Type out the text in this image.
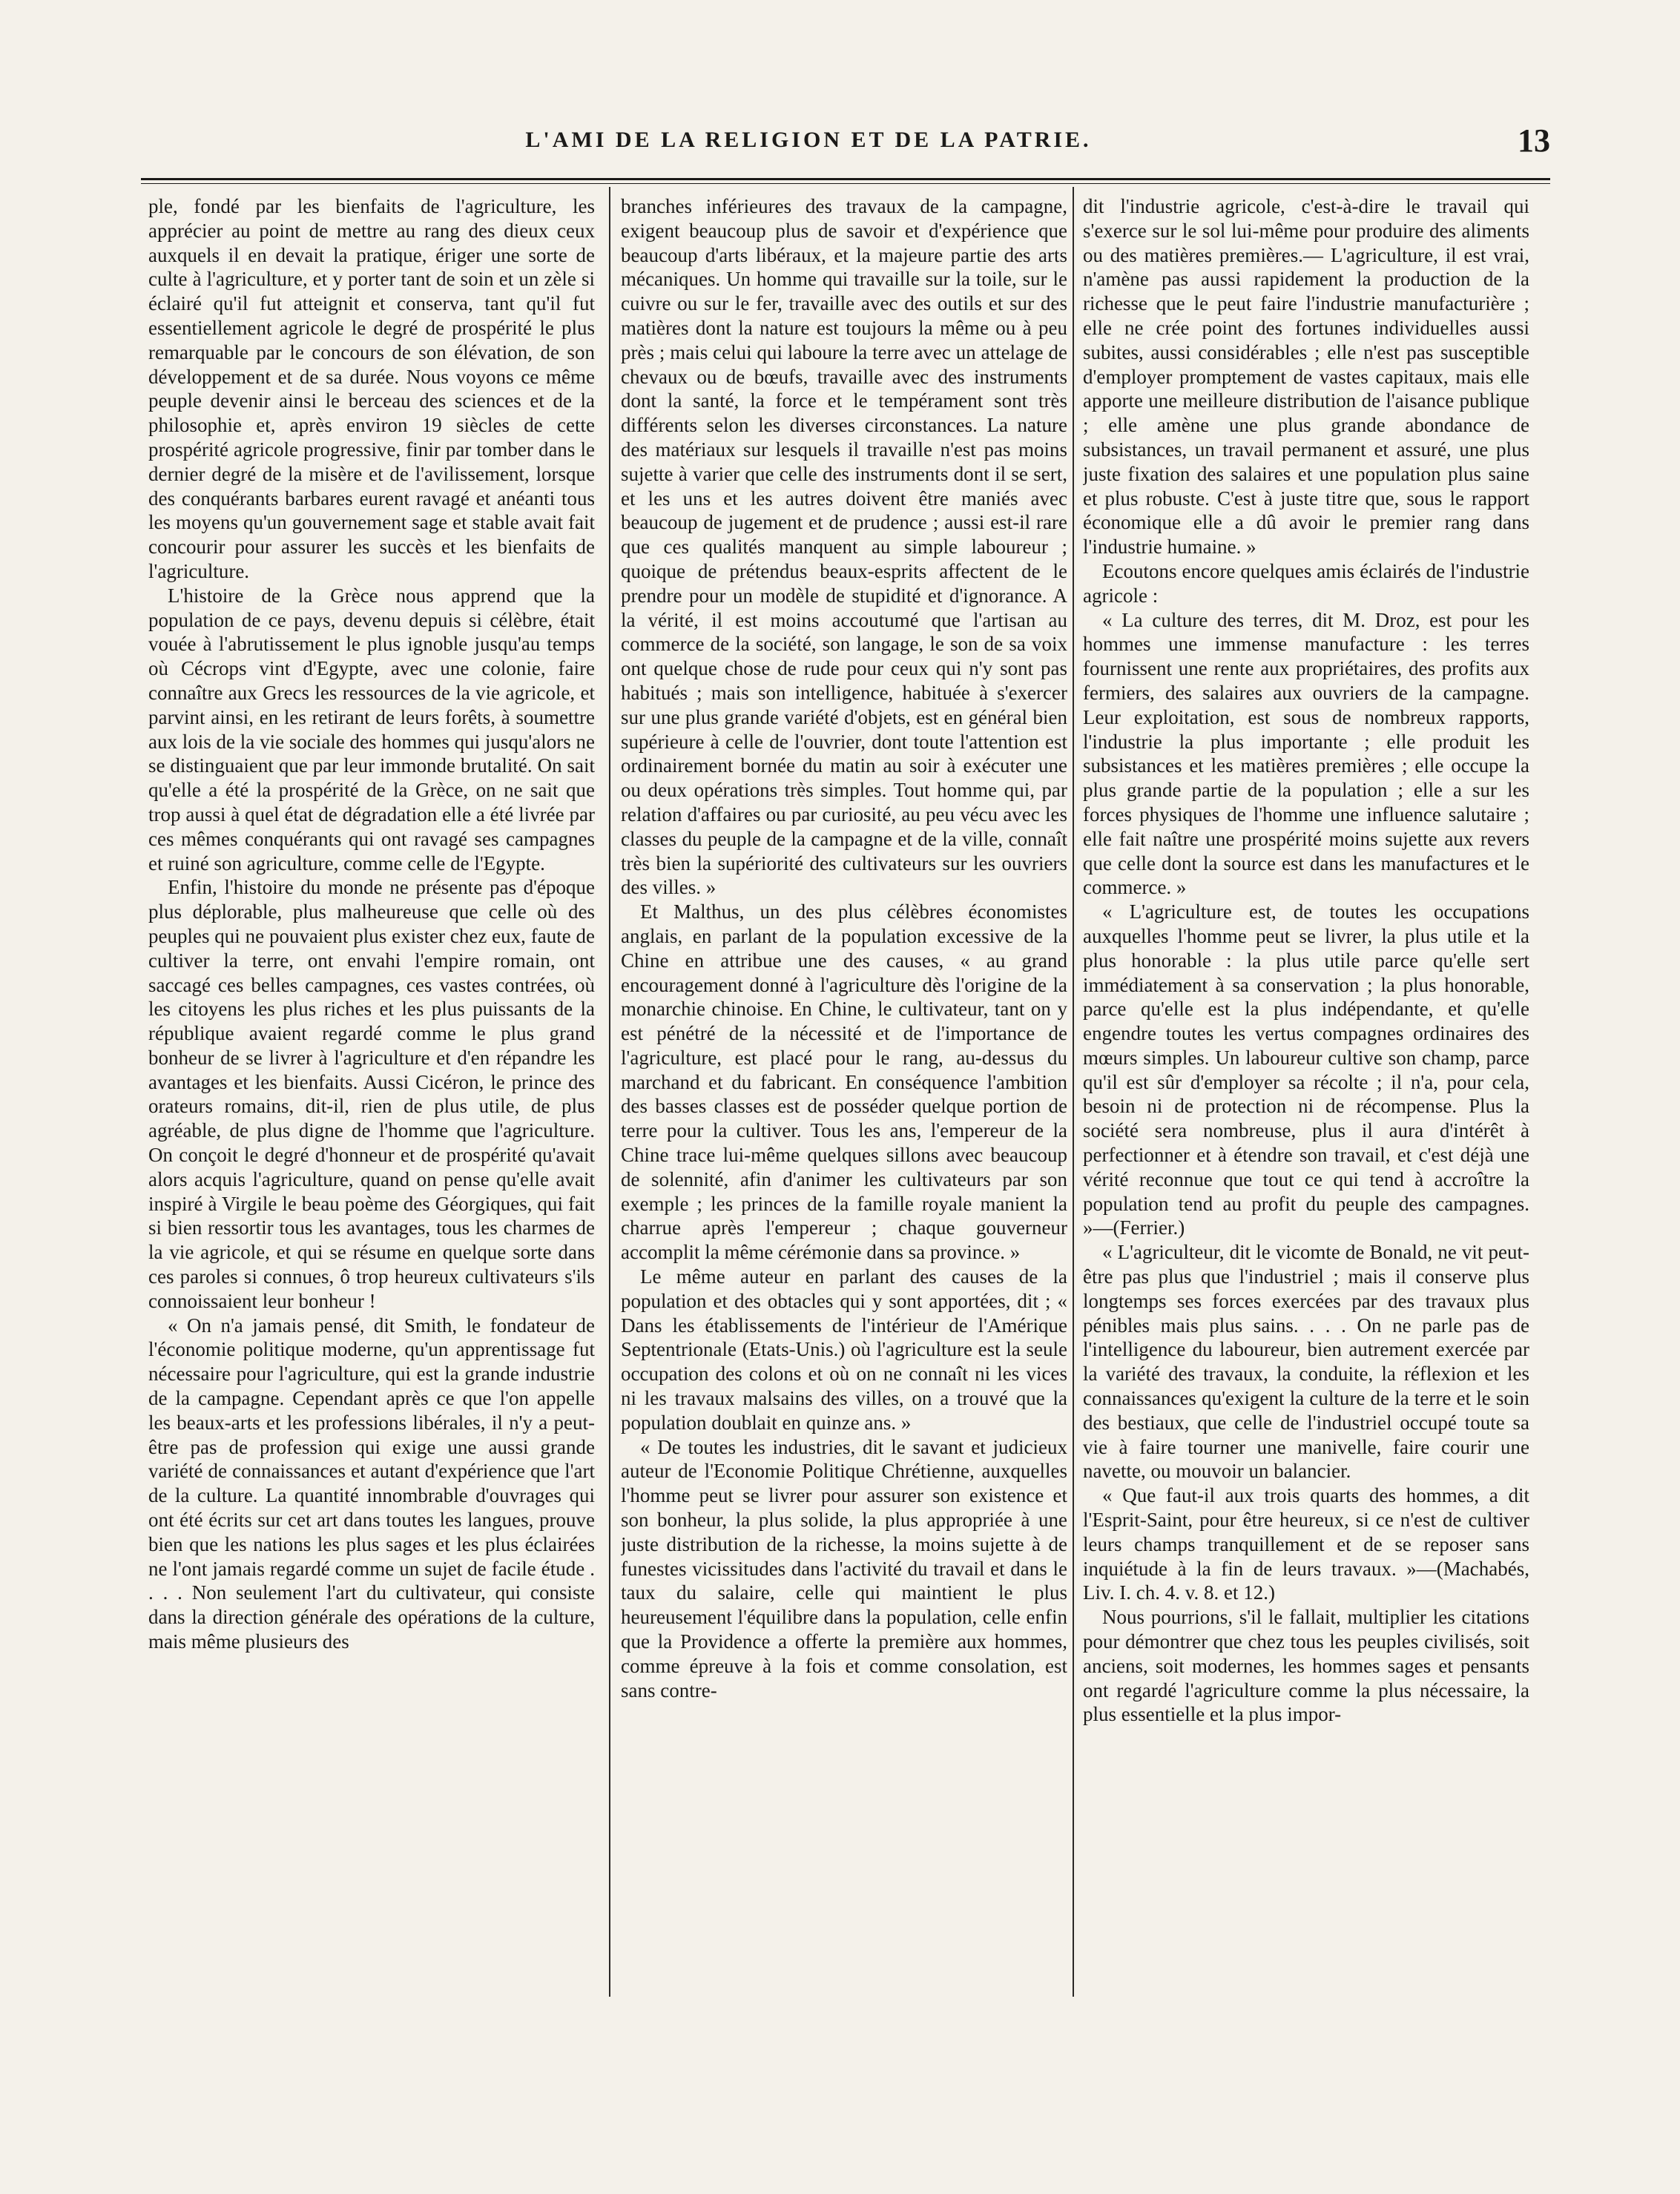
L'AMI DE LA RELIGION ET DE LA PATRIE.	13

ple, fondé par les bienfaits de l'agriculture, les apprécier au point de mettre au rang des dieux ceux auxquels il en devait la pratique, ériger une sorte de culte à l'agriculture, et y porter tant de soin et un zèle si éclairé qu'il fut atteignit et conserva, tant qu'il fut essentiellement agricole le degré de prospérité le plus remarquable par le concours de son élévation, de son développement et de sa durée. Nous voyons ce même peuple devenir ainsi le berceau des sciences et de la philosophie et, après environ 19 siècles de cette prospérité agricole progressive, finir par tomber dans le dernier degré de la misère et de l'avilissement, lorsque des conquérants barbares eurent ravagé et anéanti tous les moyens qu'un gouvernement sage et stable avait fait concourir pour assurer les succès et les bienfaits de l'agriculture.

L'histoire de la Grèce nous apprend que la population de ce pays, devenu depuis si célèbre, était vouée à l'abrutissement le plus ignoble jusqu'au temps où Cécrops vint d'Egypte, avec une colonie, faire connaître aux Grecs les ressources de la vie agricole, et parvint ainsi, en les retirant de leurs forêts, à soumettre aux lois de la vie sociale des hommes qui jusqu'alors ne se distinguaient que par leur immonde brutalité. On sait qu'elle a été la prospérité de la Grèce, on ne sait que trop aussi à quel état de dégradation elle a été livrée par ces mêmes conquérants qui ont ravagé ses campagnes et ruiné son agriculture, comme celle de l'Egypte.

Enfin, l'histoire du monde ne présente pas d'époque plus déplorable, plus malheureuse que celle où des peuples qui ne pouvaient plus exister chez eux, faute de cultiver la terre, ont envahi l'empire romain, ont saccagé ces belles campagnes, ces vastes contrées, où les citoyens les plus riches et les plus puissants de la république avaient regardé comme le plus grand bonheur de se livrer à l'agriculture et d'en répandre les avantages et les bienfaits. Aussi Cicéron, le prince des orateurs romains, dit-il, rien de plus utile, de plus agréable, de plus digne de l'homme que l'agriculture. On conçoit le degré d'honneur et de prospérité qu'avait alors acquis l'agriculture, quand on pense qu'elle avait inspiré à Virgile le beau poème des Géorgiques, qui fait si bien ressortir tous les avantages, tous les charmes de la vie agricole, et qui se résume en quelque sorte dans ces paroles si connues, ô trop heureux cultivateurs s'ils connoissaient leur bonheur !

« On n'a jamais pensé, dit Smith, le fondateur de l'économie politique moderne, qu'un apprentissage fut nécessaire pour l'agriculture, qui est la grande industrie de la campagne. Cependant après ce que l'on appelle les beaux-arts et les professions libérales, il n'y a peut-être pas de profession qui exige une aussi grande variété de connaissances et autant d'expérience que l'art de la culture. La quantité innombrable d'ouvrages qui ont été écrits sur cet art dans toutes les langues, prouve bien que les nations les plus sages et les plus éclairées ne l'ont jamais regardé comme un sujet de facile étude . . . . Non seulement l'art du cultivateur, qui consiste dans la direction générale des opérations de la culture, mais même plusieurs des

branches inférieures des travaux de la campagne, exigent beaucoup plus de savoir et d'expérience que beaucoup d'arts libéraux, et la majeure partie des arts mécaniques. Un homme qui travaille sur la toile, sur le cuivre ou sur le fer, travaille avec des outils et sur des matières dont la nature est toujours la même ou à peu près ; mais celui qui laboure la terre avec un attelage de chevaux ou de bœufs, travaille avec des instruments dont la santé, la force et le tempérament sont très différents selon les diverses circonstances. La nature des matériaux sur lesquels il travaille n'est pas moins sujette à varier que celle des instruments dont il se sert, et les uns et les autres doivent être maniés avec beaucoup de jugement et de prudence ; aussi est-il rare que ces qualités manquent au simple laboureur ; quoique de prétendus beaux-esprits affectent de le prendre pour un modèle de stupidité et d'ignorance. A la vérité, il est moins accoutumé que l'artisan au commerce de la société, son langage, le son de sa voix ont quelque chose de rude pour ceux qui n'y sont pas habitués ; mais son intelligence, habituée à s'exercer sur une plus grande variété d'objets, est en général bien supérieure à celle de l'ouvrier, dont toute l'attention est ordinairement bornée du matin au soir à exécuter une ou deux opérations très simples. Tout homme qui, par relation d'affaires ou par curiosité, au peu vécu avec les classes du peuple de la campagne et de la ville, connaît très bien la supériorité des cultivateurs sur les ouvriers des villes. »

Et Malthus, un des plus célèbres économistes anglais, en parlant de la population excessive de la Chine en attribue une des causes, « au grand encouragement donné à l'agriculture dès l'origine de la monarchie chinoise. En Chine, le cultivateur, tant on y est pénétré de la nécessité et de l'importance de l'agriculture, est placé pour le rang, au-dessus du marchand et du fabricant. En conséquence l'ambition des basses classes est de posséder quelque portion de terre pour la cultiver. Tous les ans, l'empereur de la Chine trace lui-même quelques sillons avec beaucoup de solennité, afin d'animer les cultivateurs par son exemple ; les princes de la famille royale manient la charrue après l'empereur ; chaque gouverneur accomplit la même cérémonie dans sa province. »

Le même auteur en parlant des causes de la population et des obtacles qui y sont apportées, dit ; « Dans les établissements de l'intérieur de l'Amérique Septentrionale (Etats-Unis.) où l'agriculture est la seule occupation des colons et où on ne connaît ni les vices ni les travaux malsains des villes, on a trouvé que la population doublait en quinze ans. »

« De toutes les industries, dit le savant et judicieux auteur de l'Economie Politique Chrétienne, auxquelles l'homme peut se livrer pour assurer son existence et son bonheur, la plus solide, la plus appropriée à une juste distribution de la richesse, la moins sujette à de funestes vicissitudes dans l'activité du travail et dans le taux du salaire, celle qui maintient le plus heureusement l'équilibre dans la population, celle enfin que la Providence a offerte la première aux hommes, comme épreuve à la fois et comme consolation, est sans contre-

dit l'industrie agricole, c'est-à-dire le travail qui s'exerce sur le sol lui-même pour produire des aliments ou des matières premières.— L'agriculture, il est vrai, n'amène pas aussi rapidement la production de la richesse que le peut faire l'industrie manufacturière ; elle ne crée point des fortunes individuelles aussi subites, aussi considérables ; elle n'est pas susceptible d'employer promptement de vastes capitaux, mais elle apporte une meilleure distribution de l'aisance publique ; elle amène une plus grande abondance de subsistances, un travail permanent et assuré, une plus juste fixation des salaires et une population plus saine et plus robuste. C'est à juste titre que, sous le rapport économique elle a dû avoir le premier rang dans l'industrie humaine. »

Ecoutons encore quelques amis éclairés de l'industrie agricole :

« La culture des terres, dit M. Droz, est pour les hommes une immense manufacture : les terres fournissent une rente aux propriétaires, des profits aux fermiers, des salaires aux ouvriers de la campagne. Leur exploitation, est sous de nombreux rapports, l'industrie la plus importante ; elle produit les subsistances et les matières premières ; elle occupe la plus grande partie de la population ; elle a sur les forces physiques de l'homme une influence salutaire ; elle fait naître une prospérité moins sujette aux revers que celle dont la source est dans les manufactures et le commerce. »

« L'agriculture est, de toutes les occupations auxquelles l'homme peut se livrer, la plus utile et la plus honorable : la plus utile parce qu'elle sert immédiatement à sa conservation ; la plus honorable, parce qu'elle est la plus indépendante, et qu'elle engendre toutes les vertus compagnes ordinaires des mœurs simples. Un laboureur cultive son champ, parce qu'il est sûr d'employer sa récolte ; il n'a, pour cela, besoin ni de protection ni de récompense. Plus la société sera nombreuse, plus il aura d'intérêt à perfectionner et à étendre son travail, et c'est déjà une vérité reconnue que tout ce qui tend à accroître la population tend au profit du peuple des campagnes. »—(Ferrier.)

« L'agriculteur, dit le vicomte de Bonald, ne vit peut-être pas plus que l'industriel ; mais il conserve plus longtemps ses forces exercées par des travaux plus pénibles mais plus sains. . . . On ne parle pas de l'intelligence du laboureur, bien autrement exercée par la variété des travaux, la conduite, la réflexion et les connaissances qu'exigent la culture de la terre et le soin des bestiaux, que celle de l'industriel occupé toute sa vie à faire tourner une manivelle, faire courir une navette, ou mouvoir un balancier.

« Que faut-il aux trois quarts des hommes, a dit l'Esprit-Saint, pour être heureux, si ce n'est de cultiver leurs champs tranquillement et de se reposer sans inquiétude à la fin de leurs travaux. »—(Machabés, Liv. I. ch. 4. v. 8. et 12.)

Nous pourrions, s'il le fallait, multiplier les citations pour démontrer que chez tous les peuples civilisés, soit anciens, soit modernes, les hommes sages et pensants ont regardé l'agriculture comme la plus nécessaire, la plus essentielle et la plus impor-
